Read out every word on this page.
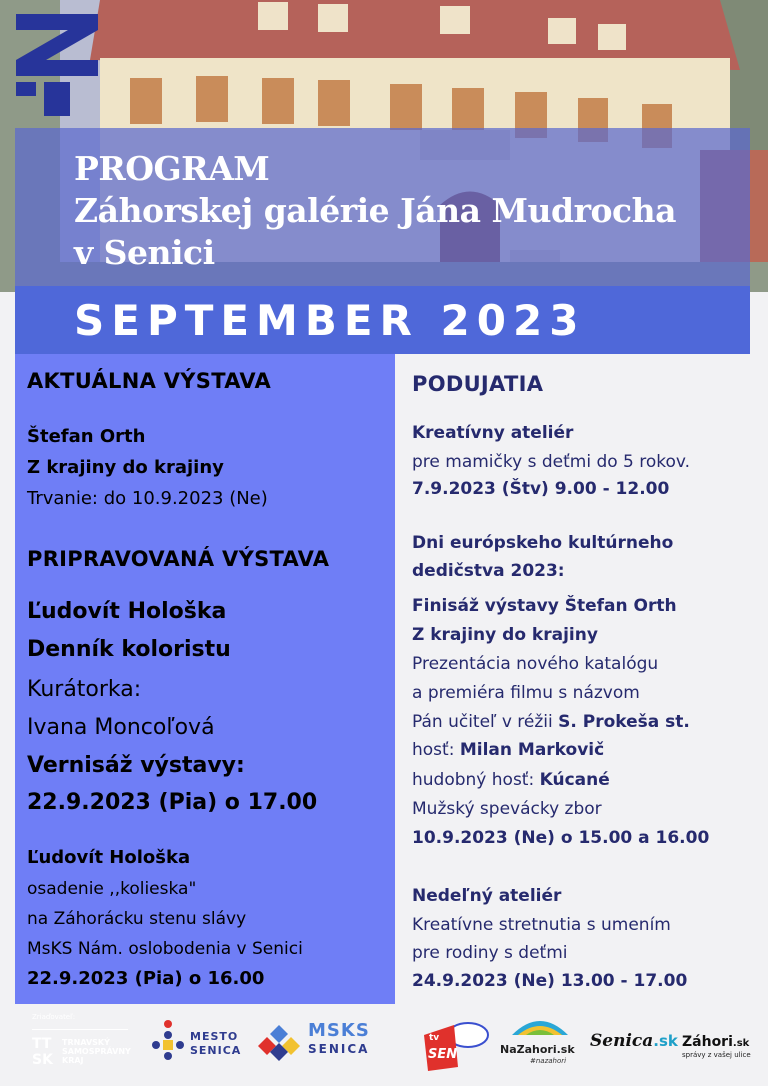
PROGRAM
Záhorskej galérie Jána Mudrocha
v Senici
SEPTEMBER 2023
AKTUÁLNA VÝSTAVA
Štefan Orth
Z krajiny do krajiny
Trvanie: do 10.9.2023 (Ne)
PRIPRAVOVANÁ VÝSTAVA
Ľudovít Hološka
Denník koloristu
Kurátorka:
Ivana Moncoľová
Vernisáž výstavy:
22.9.2023 (Pia) o 17.00
Ľudovít Hološka
osadenie ,,kolieska"
na Záhorácku stenu slávy
MsKS Nám. oslobodenia v Senici
22.9.2023 (Pia) o 16.00
PODUJATIA
Kreatívny ateliér
pre mamičky s deťmi do 5 rokov.
7.9.2023 (Štv) 9.00 - 12.00
Dni európskeho kultúrneho
dedičstva 2023:
Finisáž výstavy Štefan Orth
Z krajiny do krajiny
Prezentácia nového katalógu
a premiéra filmu s názvom
Pán učiteľ v réžii S. Prokeša st.
hosť: Milan Markovič
hudobný hosť: Kúcané
Mužský spevácky zbor
10.9.2023 (Ne) o 15.00 a 16.00
Nedeľný ateliér
Kreatívne stretnutia s umením
pre rodiny s deťmi
24.9.2023 (Ne) 13.00 - 17.00
Zriaďovateľ:
TT
SK
TRNAVSKÝ
SAMOSPRÁVNY
KRAJ
MESTO
SENICA
MSKS
SENICA
tv
SEN	NaZahori.sk
#nazahori
Senica.sk Záhori.sk
správy z vašej ulice
